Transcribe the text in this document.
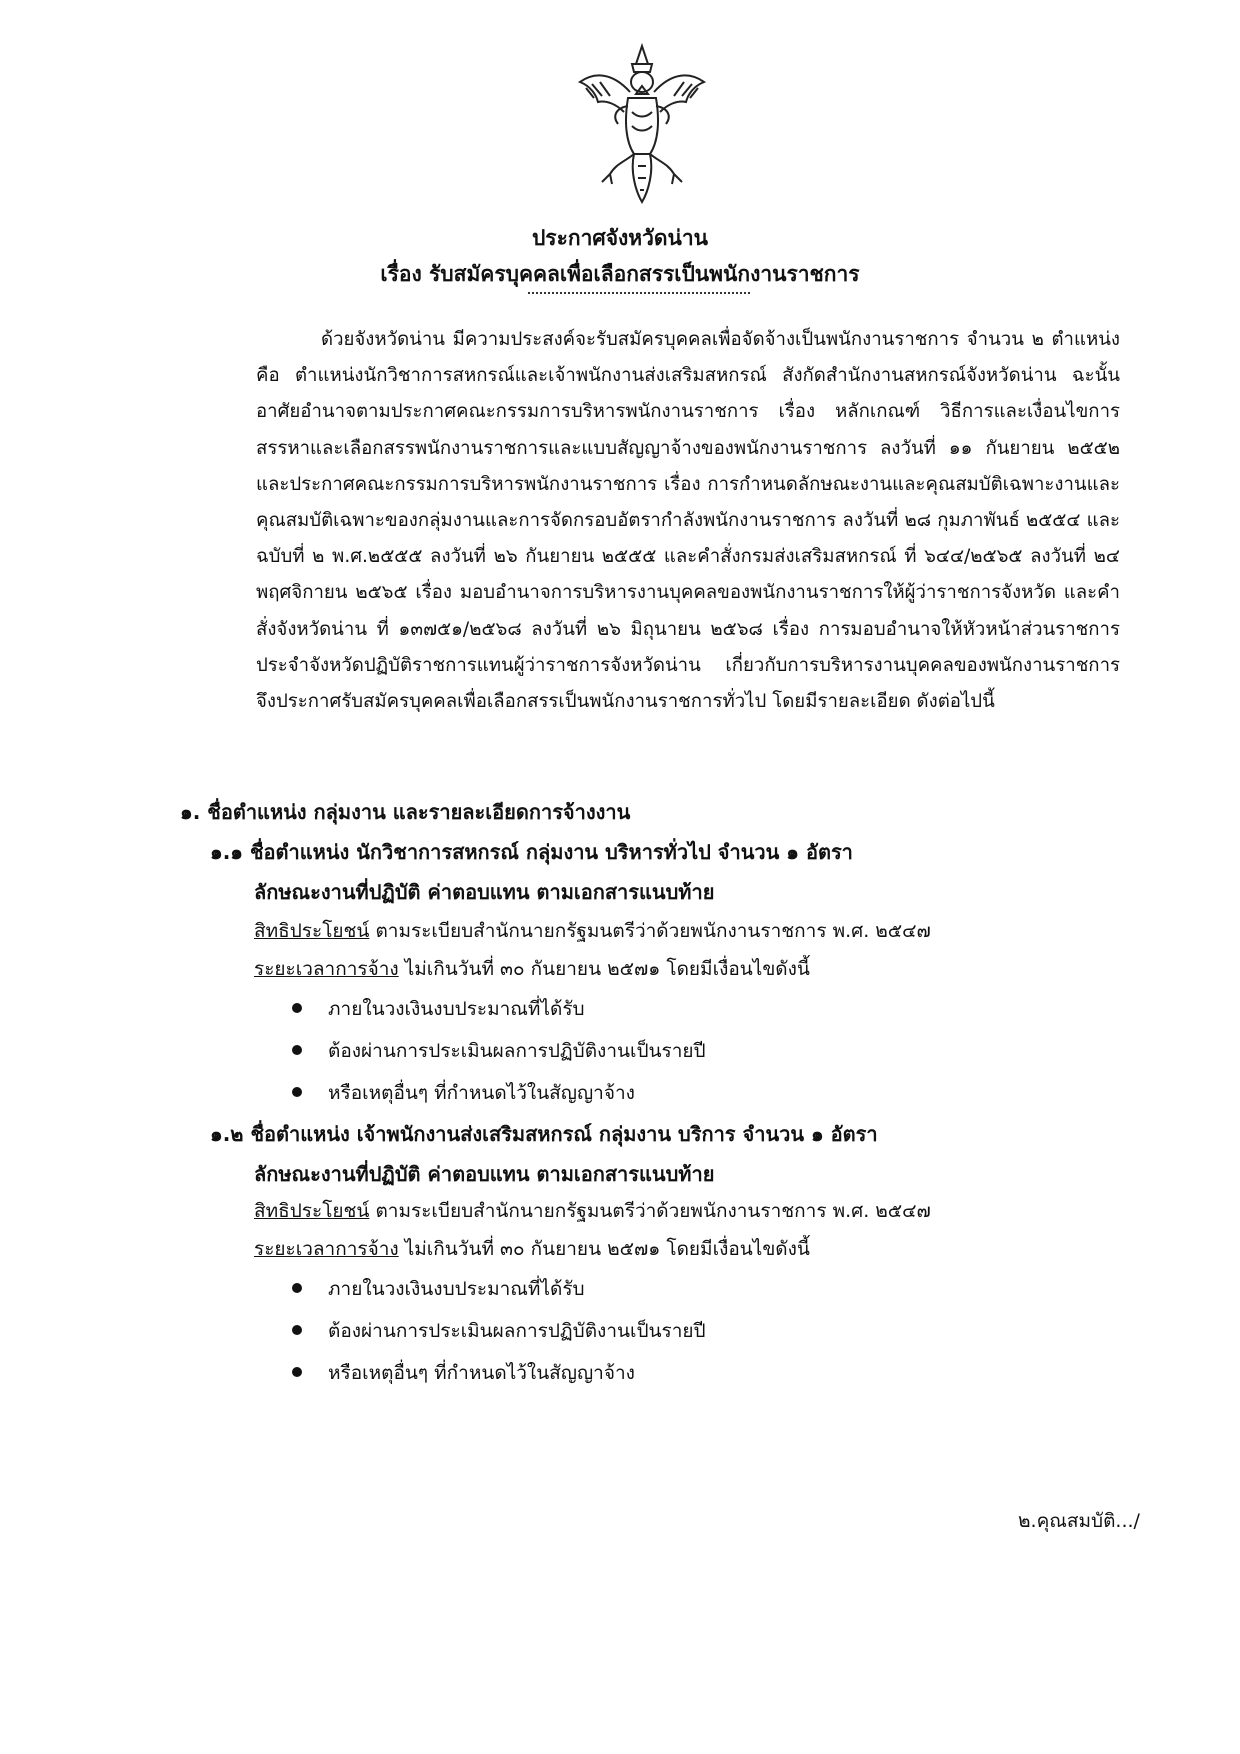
ประกาศจังหวัดน่าน
เรื่อง รับสมัครบุคคลเพื่อเลือกสรรเป็นพนักงานราชการ
ด้วยจังหวัดน่าน มีความประสงค์จะรับสมัครบุคคลเพื่อจัดจ้างเป็นพนักงานราชการ จำนวน ๒ ตำแหน่ง คือ ตำแหน่งนักวิชาการสหกรณ์และเจ้าพนักงานส่งเสริมสหกรณ์ สังกัดสำนักงานสหกรณ์จังหวัดน่าน ฉะนั้นอาศัยอำนาจตามประกาศคณะกรรมการบริหารพนักงานราชการ เรื่อง หลักเกณฑ์ วิธีการและเงื่อนไขการสรรหาและเลือกสรรพนักงานราชการและแบบสัญญาจ้างของพนักงานราชการ ลงวันที่ ๑๑ กันยายน ๒๕๕๒ และประกาศคณะกรรมการบริหารพนักงานราชการ เรื่อง การกำหนดลักษณะงานและคุณสมบัติเฉพาะงานและคุณสมบัติเฉพาะของกลุ่มงานและการจัดกรอบอัตรากำลังพนักงานราชการ ลงวันที่ ๒๘ กุมภาพันธ์ ๒๕๕๔ และฉบับที่ ๒ พ.ศ.๒๕๕๕ ลงวันที่ ๒๖ กันยายน ๒๕๕๕ และคำสั่งกรมส่งเสริมสหกรณ์ ที่ ๖๔๔/๒๕๖๕ ลงวันที่ ๒๔ พฤศจิกายน ๒๕๖๕ เรื่อง มอบอำนาจการบริหารงานบุคคลของพนักงานราชการให้ผู้ว่าราชการจังหวัด และคำสั่งจังหวัดน่าน ที่ ๑๓๗๕๑/๒๕๖๘ ลงวันที่ ๒๖ มิถุนายน ๒๕๖๘ เรื่อง การมอบอำนาจให้หัวหน้าส่วนราชการประจำจังหวัดปฏิบัติราชการแทนผู้ว่าราชการจังหวัดน่าน เกี่ยวกับการบริหารงานบุคคลของพนักงานราชการ จึงประกาศรับสมัครบุคคลเพื่อเลือกสรรเป็นพนักงานราชการทั่วไป โดยมีรายละเอียด ดังต่อไปนี้
๑. ชื่อตำแหน่ง กลุ่มงาน และรายละเอียดการจ้างงาน
๑.๑ ชื่อตำแหน่ง นักวิชาการสหกรณ์ กลุ่มงาน บริหารทั่วไป จำนวน ๑ อัตรา
ลักษณะงานที่ปฏิบัติ ค่าตอบแทน ตามเอกสารแนบท้าย
สิทธิประโยชน์ ตามระเบียบสำนักนายกรัฐมนตรีว่าด้วยพนักงานราชการ พ.ศ. ๒๕๔๗
ระยะเวลาการจ้าง ไม่เกินวันที่ ๓๐ กันยายน ๒๕๗๑ โดยมีเงื่อนไขดังนี้
ภายในวงเงินงบประมาณที่ได้รับ
ต้องผ่านการประเมินผลการปฏิบัติงานเป็นรายปี
หรือเหตุอื่นๆ ที่กำหนดไว้ในสัญญาจ้าง
๑.๒ ชื่อตำแหน่ง เจ้าพนักงานส่งเสริมสหกรณ์ กลุ่มงาน บริการ จำนวน ๑ อัตรา
ลักษณะงานที่ปฏิบัติ ค่าตอบแทน ตามเอกสารแนบท้าย
สิทธิประโยชน์ ตามระเบียบสำนักนายกรัฐมนตรีว่าด้วยพนักงานราชการ พ.ศ. ๒๕๔๗
ระยะเวลาการจ้าง ไม่เกินวันที่ ๓๐ กันยายน ๒๕๗๑ โดยมีเงื่อนไขดังนี้
ภายในวงเงินงบประมาณที่ได้รับ
ต้องผ่านการประเมินผลการปฏิบัติงานเป็นรายปี
หรือเหตุอื่นๆ ที่กำหนดไว้ในสัญญาจ้าง
๒.คุณสมบัติ.../
